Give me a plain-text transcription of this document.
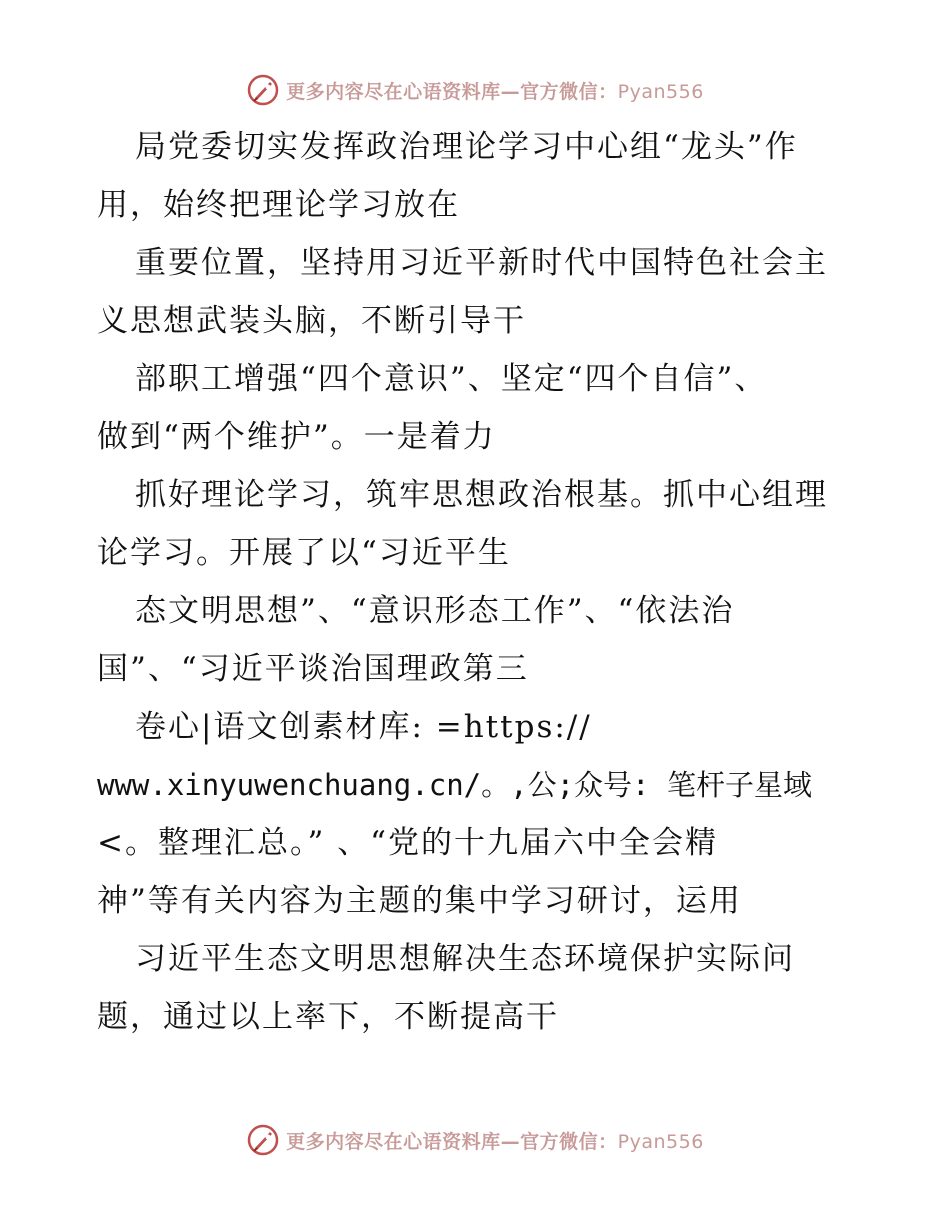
更多内容尽在心语资料库—官方微信：Pyan556
局党委切实发挥政治理论学习中心组“龙头”作
用，始终把理论学习放在
重要位置，坚持用习近平新时代中国特色社会主
义思想武装头脑，不断引导干
部职工增强“四个意识”、坚定“四个自信”、
做到“两个维护”。一是着力
抓好理论学习，筑牢思想政治根基。抓中心组理
论学习。开展了以“习近平生
态文明思想”、“意识形态工作”、“依法治
国”、“习近平谈治国理政第三
卷心|语文创素材库: =https://
www.xinyuwenchuang.cn/。,公;众号: 笔杆子星域
<。整理汇总。” 、“党的十九届六中全会精
神”等有关内容为主题的集中学习研讨，运用
习近平生态文明思想解决生态环境保护实际问
题，通过以上率下，不断提高干
更多内容尽在心语资料库—官方微信：Pyan556
